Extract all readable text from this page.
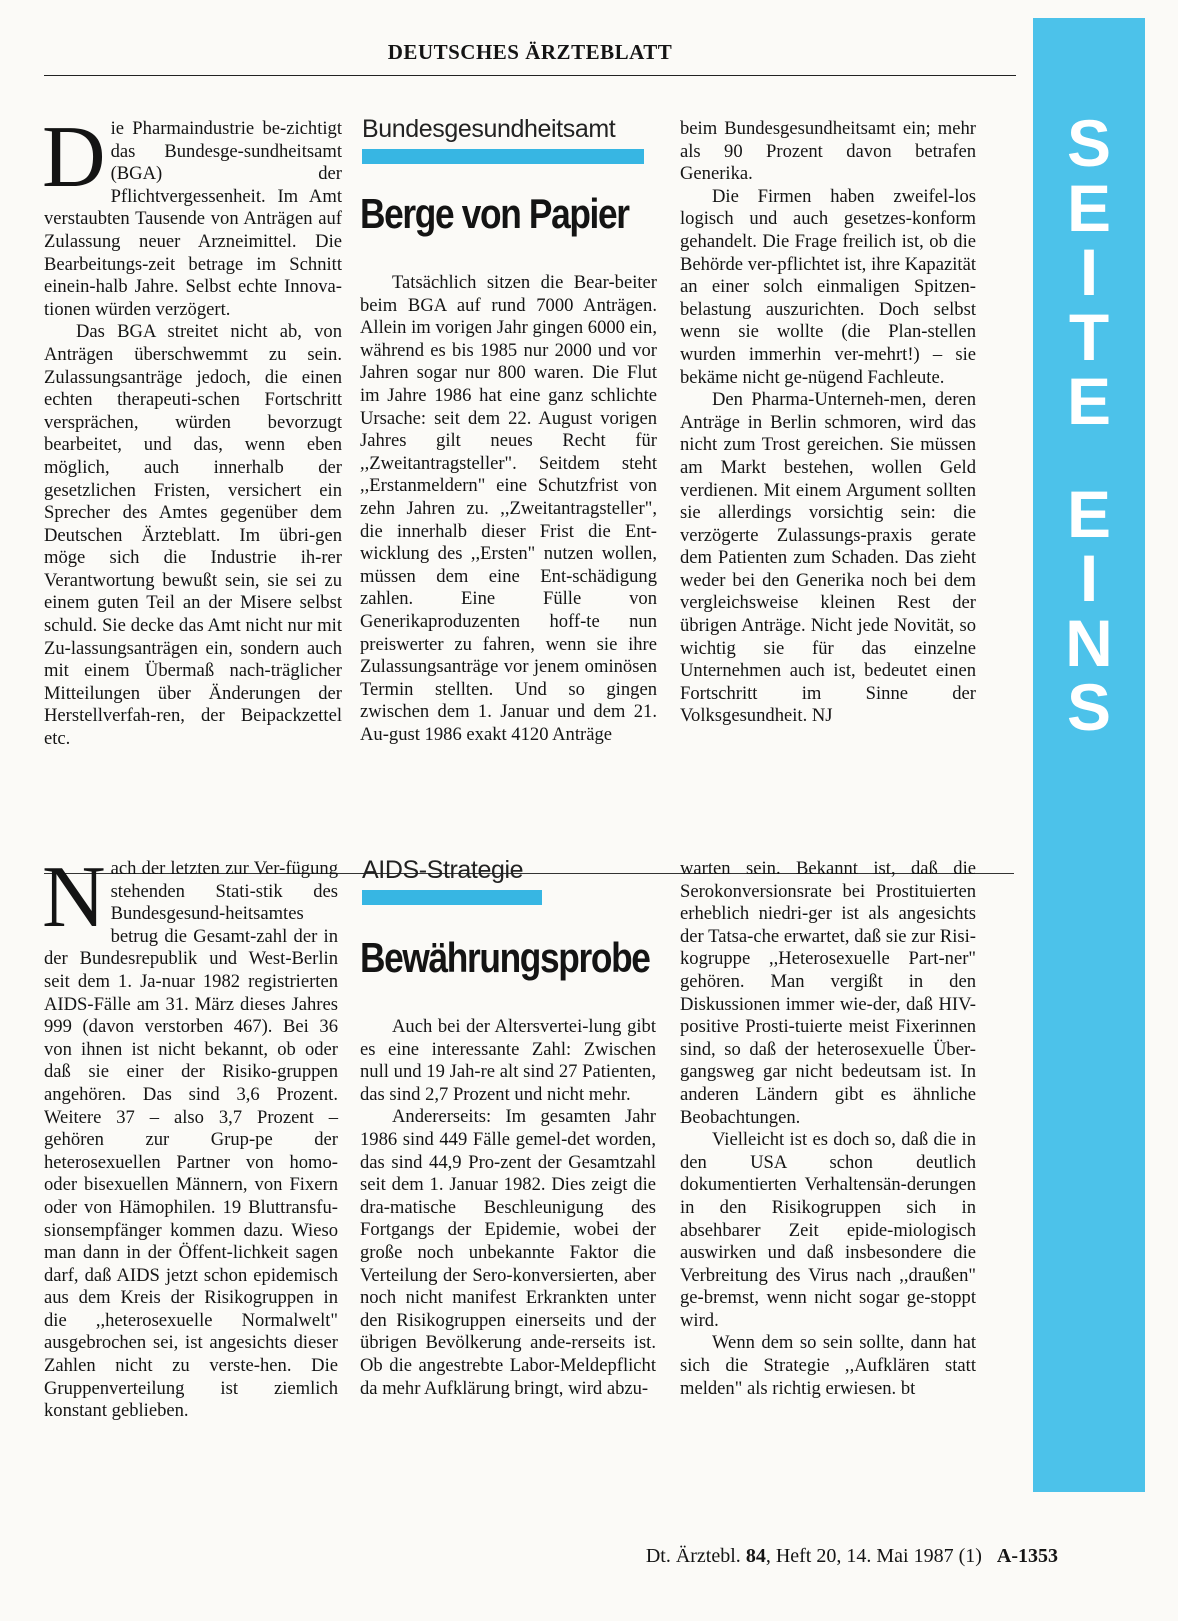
DEUTSCHES ÄRZTEBLATT

Die Pharmaindustrie be-zichtigt das Bundesge-sundheitsamt (BGA) der Pflichtvergessenheit. Im Amt verstaubten Tausende von Anträgen auf Zulassung neuer Arzneimittel. Die Bearbeitungs-zeit betrage im Schnitt einein-halb Jahre. Selbst echte Innova-tionen würden verzögert.

Das BGA streitet nicht ab, von Anträgen überschwemmt zu sein. Zulassungsanträge jedoch, die einen echten therapeuti-schen Fortschritt versprächen, würden bevorzugt bearbeitet, und das, wenn eben möglich, auch innerhalb der gesetzlichen Fristen, versichert ein Sprecher des Amtes gegenüber dem Deutschen Ärzteblatt. Im übri-gen möge sich die Industrie ih-rer Verantwortung bewußt sein, sie sei zu einem guten Teil an der Misere selbst schuld. Sie decke das Amt nicht nur mit Zu-lassungsanträgen ein, sondern auch mit einem Übermaß nach-träglicher Mitteilungen über Änderungen der Herstellverfah-ren, der Beipackzettel etc.

Bundesgesundheitsamt
Berge von Papier

Tatsächlich sitzen die Bear-beiter beim BGA auf rund 7000 Anträgen. Allein im vorigen Jahr gingen 6000 ein, während es bis 1985 nur 2000 und vor Jahren sogar nur 800 waren. Die Flut im Jahre 1986 hat eine ganz schlichte Ursache: seit dem 22. August vorigen Jahres gilt neues Recht für ,,Zweitantragsteller". Seitdem steht ,,Erstanmeldern" eine Schutzfrist von zehn Jahren zu. ,,Zweitantragsteller", die innerhalb dieser Frist die Ent-wicklung des ,,Ersten" nutzen wollen, müssen dem eine Ent-schädigung zahlen. Eine Fülle von Generikaproduzenten hoff-te nun preiswerter zu fahren, wenn sie ihre Zulassungsanträge vor jenem ominösen Termin stellten. Und so gingen zwischen dem 1. Januar und dem 21. Au-gust 1986 exakt 4120 Anträge

beim Bundesgesundheitsamt ein; mehr als 90 Prozent davon betrafen Generika.

Die Firmen haben zweifel-los logisch und auch gesetzes-konform gehandelt. Die Frage freilich ist, ob die Behörde ver-pflichtet ist, ihre Kapazität an einer solch einmaligen Spitzen-belastung auszurichten. Doch selbst wenn sie wollte (die Plan-stellen wurden immerhin ver-mehrt!) – sie bekäme nicht ge-nügend Fachleute.

Den Pharma-Unterneh-men, deren Anträge in Berlin schmoren, wird das nicht zum Trost gereichen. Sie müssen am Markt bestehen, wollen Geld verdienen. Mit einem Argument sollten sie allerdings vorsichtig sein: die verzögerte Zulassungs-praxis gerate dem Patienten zum Schaden. Das zieht weder bei den Generika noch bei dem vergleichsweise kleinen Rest der übrigen Anträge. Nicht jede Novität, so wichtig sie für das einzelne Unternehmen auch ist, bedeutet einen Fortschritt im Sinne der Volksgesundheit. NJ

Nach der letzten zur Ver-fügung stehenden Stati-stik des Bundesgesund-heitsamtes betrug die Gesamt-zahl der in der Bundesrepublik und West-Berlin seit dem 1. Ja-nuar 1982 registrierten AIDS-Fälle am 31. März dieses Jahres 999 (davon verstorben 467). Bei 36 von ihnen ist nicht bekannt, ob oder daß sie einer der Risiko-gruppen angehören. Das sind 3,6 Prozent. Weitere 37 – also 3,7 Prozent – gehören zur Grup-pe der heterosexuellen Partner von homo- oder bisexuellen Männern, von Fixern oder von Hämophilen. 19 Bluttransfu-sionsempfänger kommen dazu. Wieso man dann in der Öffent-lichkeit sagen darf, daß AIDS jetzt schon epidemisch aus dem Kreis der Risikogruppen in die ,,heterosexuelle Normalwelt" ausgebrochen sei, ist angesichts dieser Zahlen nicht zu verste-hen. Die Gruppenverteilung ist ziemlich konstant geblieben.

AIDS-Strategie
Bewährungsprobe

Auch bei der Altersvertei-lung gibt es eine interessante Zahl: Zwischen null und 19 Jah-re alt sind 27 Patienten, das sind 2,7 Prozent und nicht mehr.

Andererseits: Im gesamten Jahr 1986 sind 449 Fälle gemel-det worden, das sind 44,9 Pro-zent der Gesamtzahl seit dem 1. Januar 1982. Dies zeigt die dra-matische Beschleunigung des Fortgangs der Epidemie, wobei der große noch unbekannte Faktor die Verteilung der Sero-konversierten, aber noch nicht manifest Erkrankten unter den Risikogruppen einerseits und der übrigen Bevölkerung ande-rerseits ist. Ob die angestrebte Labor-Meldepflicht da mehr Aufklärung bringt, wird abzu-

warten sein. Bekannt ist, daß die Serokonversionsrate bei Prostituierten erheblich niedri-ger ist als angesichts der Tatsa-che erwartet, daß sie zur Risi-kogruppe ,,Heterosexuelle Part-ner" gehören. Man vergißt in den Diskussionen immer wie-der, daß HIV-positive Prosti-tuierte meist Fixerinnen sind, so daß der heterosexuelle Über-gangsweg gar nicht bedeutsam ist. In anderen Ländern gibt es ähnliche Beobachtungen.

Vielleicht ist es doch so, daß die in den USA schon deutlich dokumentierten Verhaltensän-derungen in den Risikogruppen sich in absehbarer Zeit epide-miologisch auswirken und daß insbesondere die Verbreitung des Virus nach ,,draußen" ge-bremst, wenn nicht sogar ge-stoppt wird.

Wenn dem so sein sollte, dann hat sich die Strategie ,,Aufklären statt melden" als richtig erwiesen. bt

S
E
I
T
E
E
I
N
S
Dt. Ärztebl. 84, Heft 20, 14. Mai 1987 (1) A-1353
